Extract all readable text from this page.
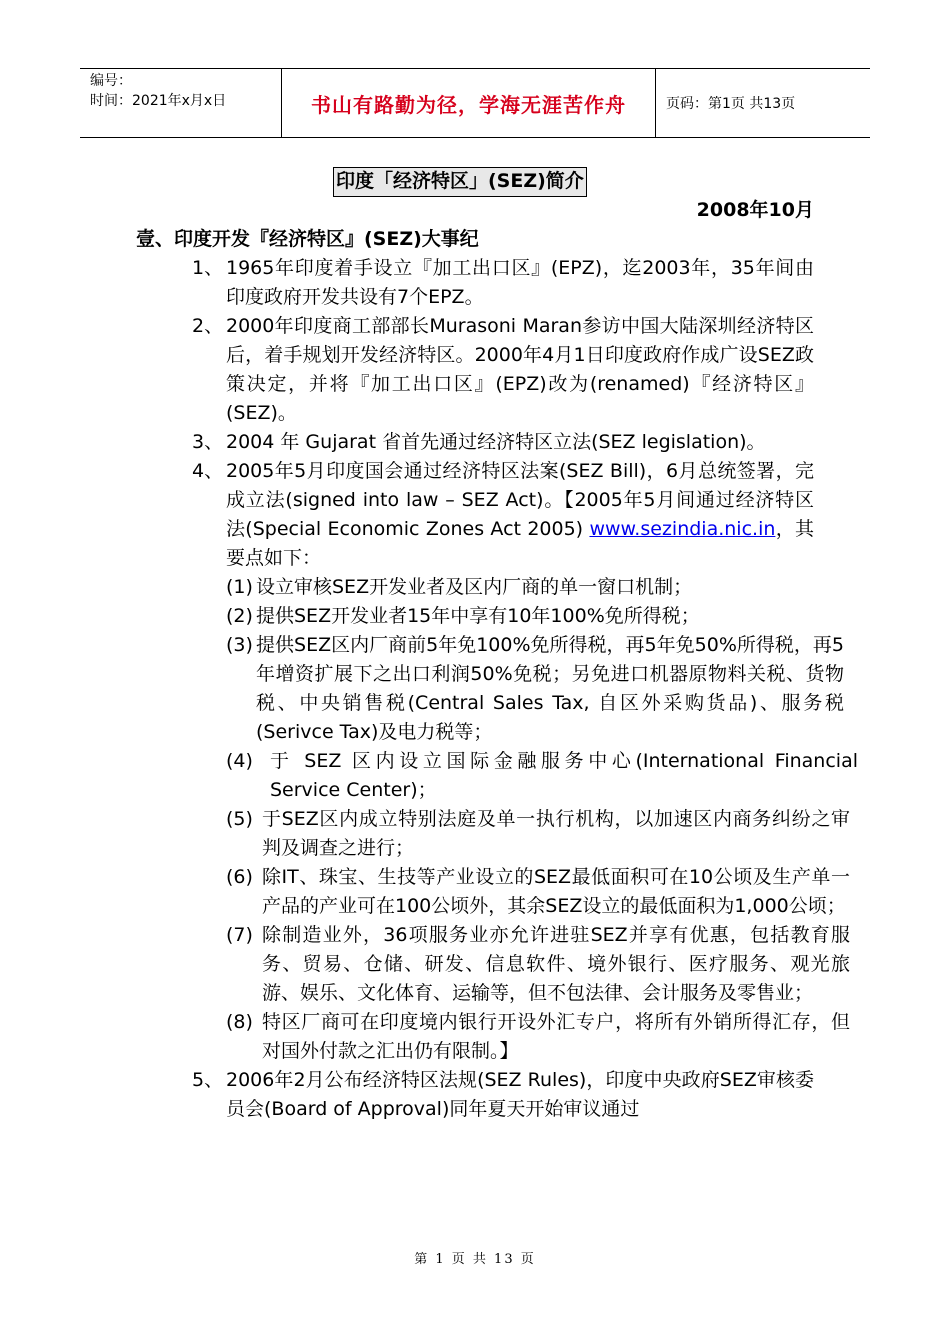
编号：
时间：2021年x月x日	书山有路勤为径，学海无涯苦作舟	页码：第1页 共13页
印度「经济特区」(SEZ)简介
2008年10月
壹、印度开发『经济特区』(SEZ)大事纪
1、 1965年印度着手设立『加工出口区』(EPZ)，迄2003年，35年间由印度政府开发共设有7个EPZ。
2、 2000年印度商工部部长Murasoni Maran参访中国大陆深圳经济特区后，着手规划开发经济特区。2000年4月1日印度政府作成广设SEZ政策决定，并将『加工出口区』(EPZ)改为(renamed)『经济特区』(SEZ)。
3、 2004 年 Gujarat 省首先通过经济特区立法(SEZ legislation)。
4、 2005年5月印度国会通过经济特区法案(SEZ Bill)，6月总统签署，完成立法(signed into law – SEZ Act)。【2005年5月间通过经济特区法(Special Economic Zones Act 2005) www.sezindia.nic.in，其要点如下：
(1) 设立审核SEZ开发业者及区内厂商的单一窗口机制；
(2) 提供SEZ开发业者15年中享有10年100%免所得税；
(3) 提供SEZ区内厂商前5年免100%免所得税，再5年免50%所得税，再5年增资扩展下之出口利润50%免税；另免进口机器原物料关税、货物税、中央销售税(Central Sales Tax, 自区外采购货品)、服务税(Serivce Tax)及电力税等；
(4) 于 SEZ 区内设立国际金融服务中心(International Financial Service Center)；
(5) 于SEZ区内成立特别法庭及单一执行机构，以加速区内商务纠纷之审判及调查之进行；
(6) 除IT、珠宝、生技等产业设立的SEZ最低面积可在10公顷及生产单一产品的产业可在100公顷外，其余SEZ设立的最低面积为1,000公顷；
(7) 除制造业外，36项服务业亦允许进驻SEZ并享有优惠，包括教育服务、贸易、仓储、研发、信息软件、境外银行、医疗服务、观光旅游、娱乐、文化体育、运输等，但不包法律、会计服务及零售业；
(8) 特区厂商可在印度境内银行开设外汇专户，将所有外销所得汇存，但对国外付款之汇出仍有限制。】
5、 2006年2月公布经济特区法规(SEZ Rules)，印度中央政府SEZ审核委员会(Board of Approval)同年夏天开始审议通过
第 1 页 共 13 页
